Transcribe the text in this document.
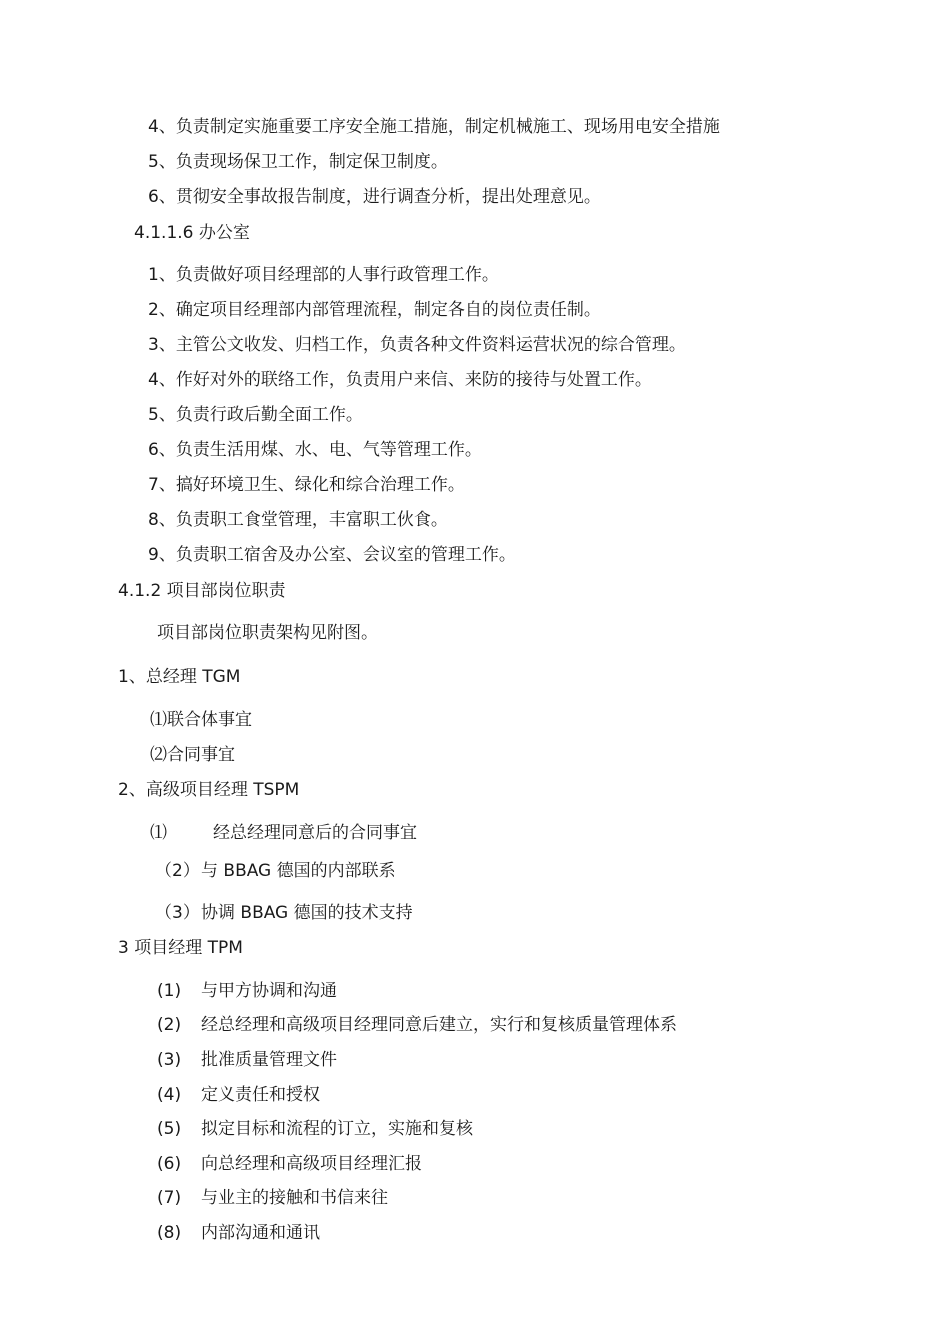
4、负责制定实施重要工序安全施工措施，制定机械施工、现场用电安全措施
5、负责现场保卫工作，制定保卫制度。
6、贯彻安全事故报告制度，进行调查分析，提出处理意见。
4.1.1.6 办公室
1、负责做好项目经理部的人事行政管理工作。
2、确定项目经理部内部管理流程，制定各自的岗位责任制。
3、主管公文收发、归档工作，负责各种文件资料运营状况的综合管理。
4、作好对外的联络工作，负责用户来信、来防的接待与处置工作。
5、负责行政后勤全面工作。
6、负责生活用煤、水、电、气等管理工作。
7、搞好环境卫生、绿化和综合治理工作。
8、负责职工食堂管理，丰富职工伙食。
9、负责职工宿舍及办公室、会议室的管理工作。
4.1.2 项目部岗位职责
项目部岗位职责架构见附图。
1、总经理 TGM
⑴联合体事宜
⑵合同事宜
2、高级项目经理 TSPM
⑴	经总经理同意后的合同事宜
（2）与 BBAG 德国的内部联系
（3）协调 BBAG 德国的技术支持
3 项目经理 TPM
(1) 与甲方协调和沟通
(2) 经总经理和高级项目经理同意后建立，实行和复核质量管理体系
(3) 批准质量管理文件
(4) 定义责任和授权
(5) 拟定目标和流程的订立，实施和复核
(6) 向总经理和高级项目经理汇报
(7) 与业主的接触和书信来往
(8) 内部沟通和通讯
